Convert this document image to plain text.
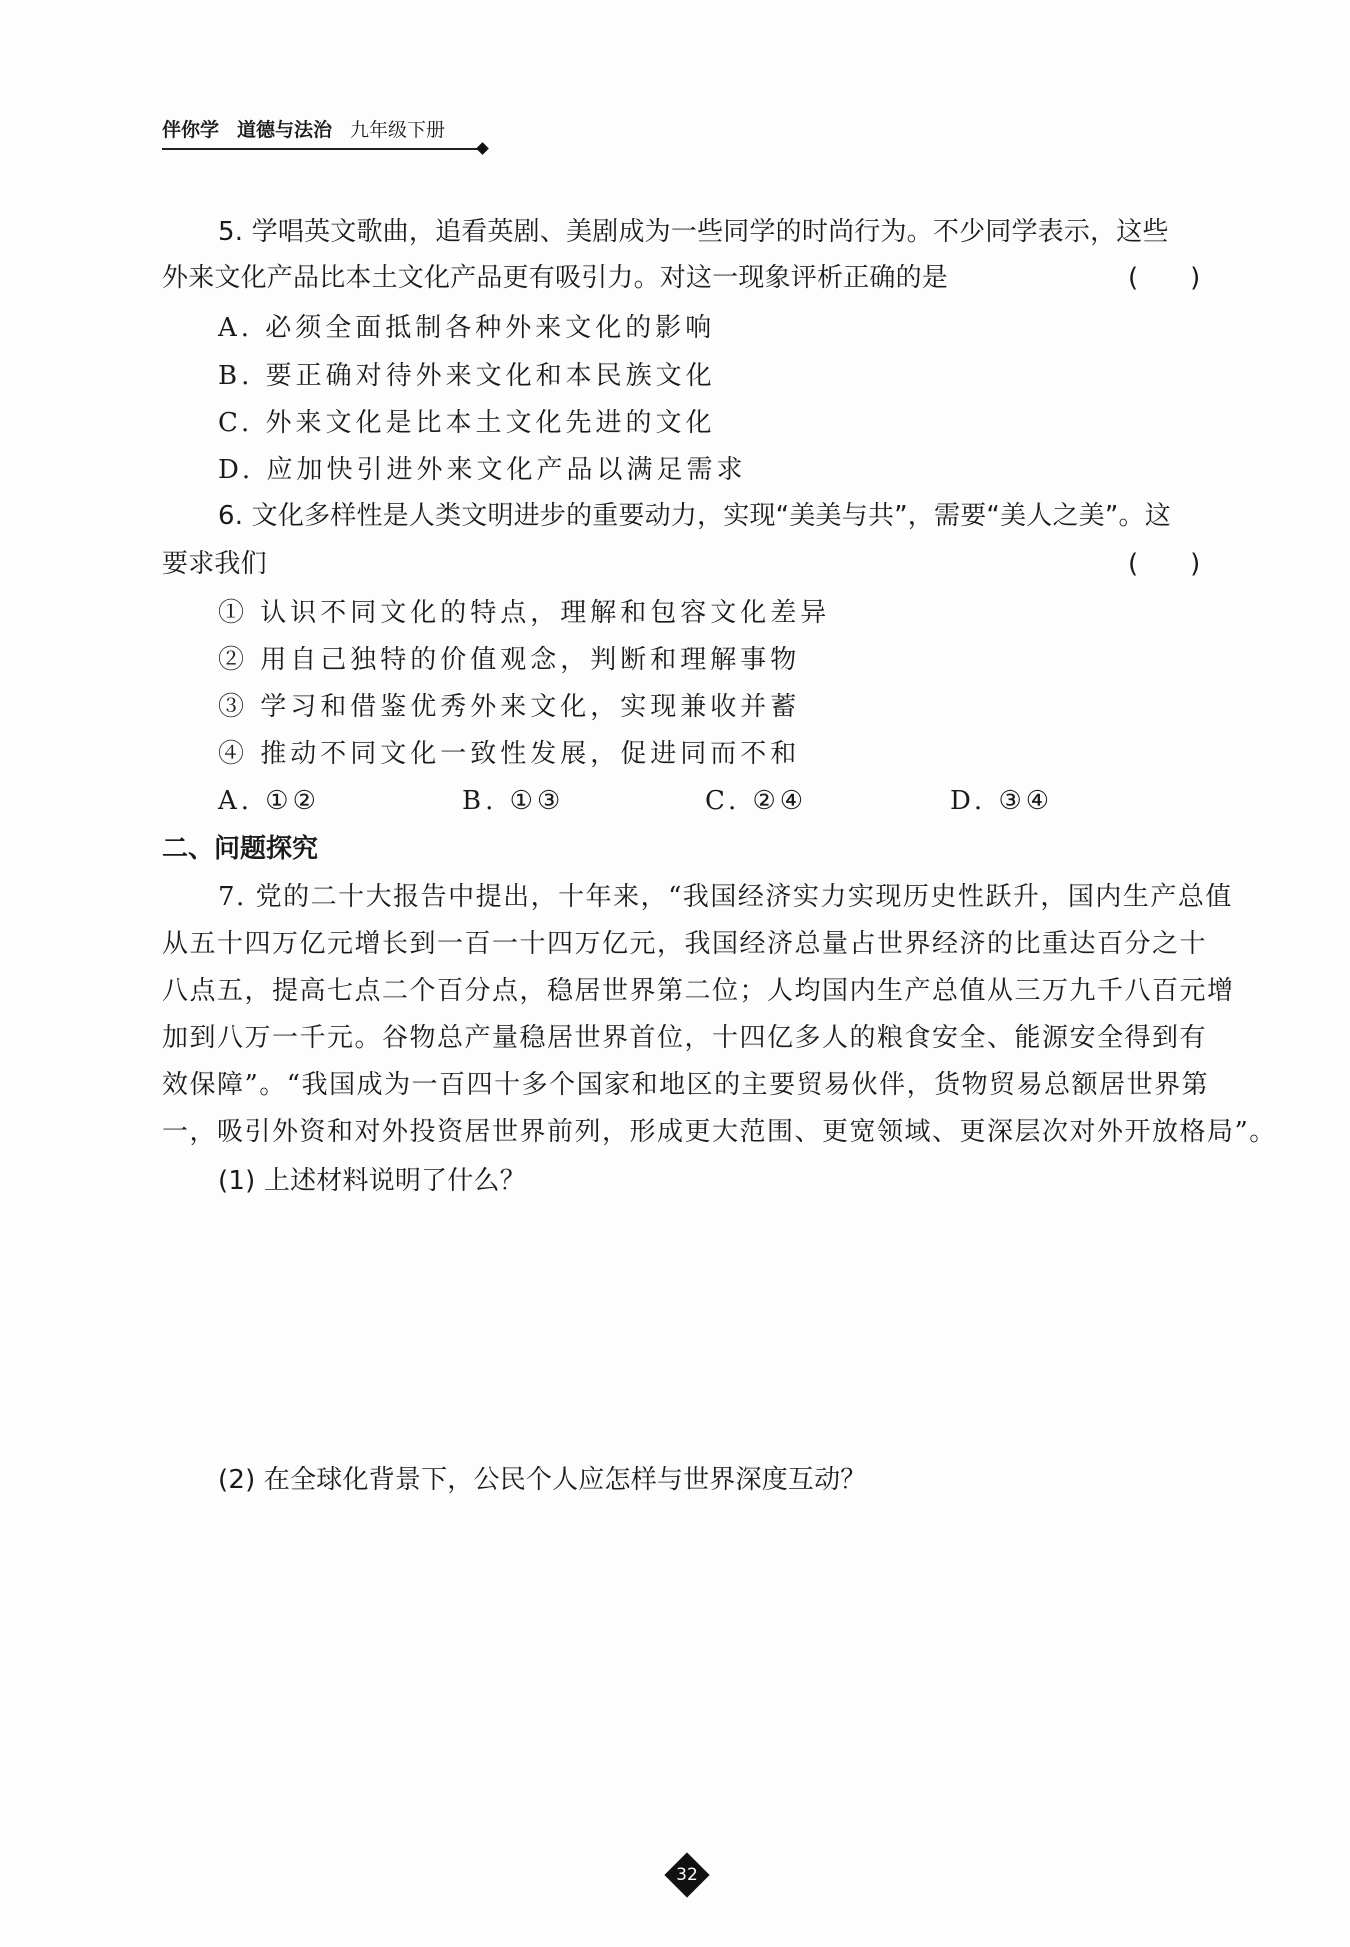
伴你学 道德与法治 九年级下册
5. 学唱英文歌曲，追看英剧、美剧成为一些同学的时尚行为。不少同学表示，这些
外来文化产品比本土文化产品更有吸引力。对这一现象评析正确的是	(　　)
A. 必须全面抵制各种外来文化的影响
B. 要正确对待外来文化和本民族文化
C. 外来文化是比本土文化先进的文化
D. 应加快引进外来文化产品以满足需求
6. 文化多样性是人类文明进步的重要动力，实现“美美与共”，需要“美人之美”。这
要求我们	(　　)
① 认识不同文化的特点，理解和包容文化差异
② 用自己独特的价值观念，判断和理解事物
③ 学习和借鉴优秀外来文化，实现兼收并蓄
④ 推动不同文化一致性发展，促进同而不和
A. ①②	B. ①③	C. ②④	D. ③④
二、问题探究
7. 党的二十大报告中提出，十年来，“我国经济实力实现历史性跃升，国内生产总值
从五十四万亿元增长到一百一十四万亿元，我国经济总量占世界经济的比重达百分之十
八点五，提高七点二个百分点，稳居世界第二位；人均国内生产总值从三万九千八百元增
加到八万一千元。谷物总产量稳居世界首位，十四亿多人的粮食安全、能源安全得到有
效保障”。“我国成为一百四十多个国家和地区的主要贸易伙伴，货物贸易总额居世界第
一，吸引外资和对外投资居世界前列，形成更大范围、更宽领域、更深层次对外开放格局”。
(1) 上述材料说明了什么？
(2) 在全球化背景下，公民个人应怎样与世界深度互动？
32
